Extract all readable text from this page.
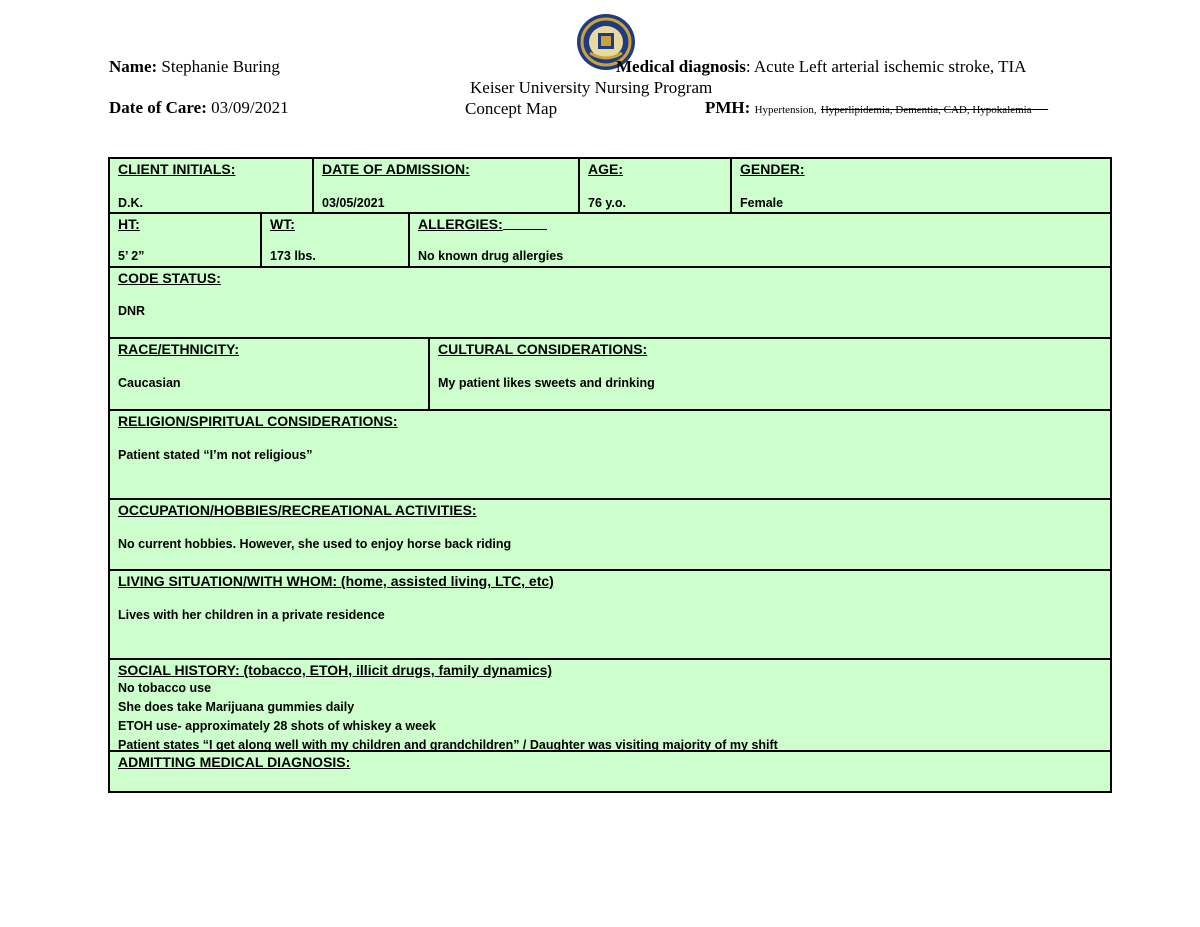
Name: Stephanie Buring
Date of Care: 03/09/2021
Keiser University Nursing Program
Concept Map
Medical diagnosis: Acute Left arterial ischemic stroke, TIA
PMH: Hypertension, Hyperlipidemia, Dementia, CAD, Hypokalemia
CLIENT INITIALS:
D.K.
DATE OF ADMISSION:
03/05/2021
AGE:
76 y.o.
GENDER:
Female
HT:
5’ 2”
WT:
173 lbs.
ALLERGIES:
No known drug allergies
CODE STATUS:
DNR
RACE/ETHNICITY:
Caucasian
CULTURAL CONSIDERATIONS:
My patient likes sweets and drinking
RELIGION/SPIRITUAL CONSIDERATIONS:
Patient stated “I’m not religious”
OCCUPATION/HOBBIES/RECREATIONAL ACTIVITIES:
No current hobbies. However, she used to enjoy horse back riding
LIVING SITUATION/WITH WHOM: (home, assisted living, LTC, etc)
Lives with her children in a private residence
SOCIAL HISTORY: (tobacco, ETOH, illicit drugs, family dynamics)
No tobacco use
She does take Marijuana gummies daily
ETOH use- approximately 28 shots of whiskey a week
Patient states “I get along well with my children and grandchildren” / Daughter was visiting majority of my shift
ADMITTING MEDICAL DIAGNOSIS:
